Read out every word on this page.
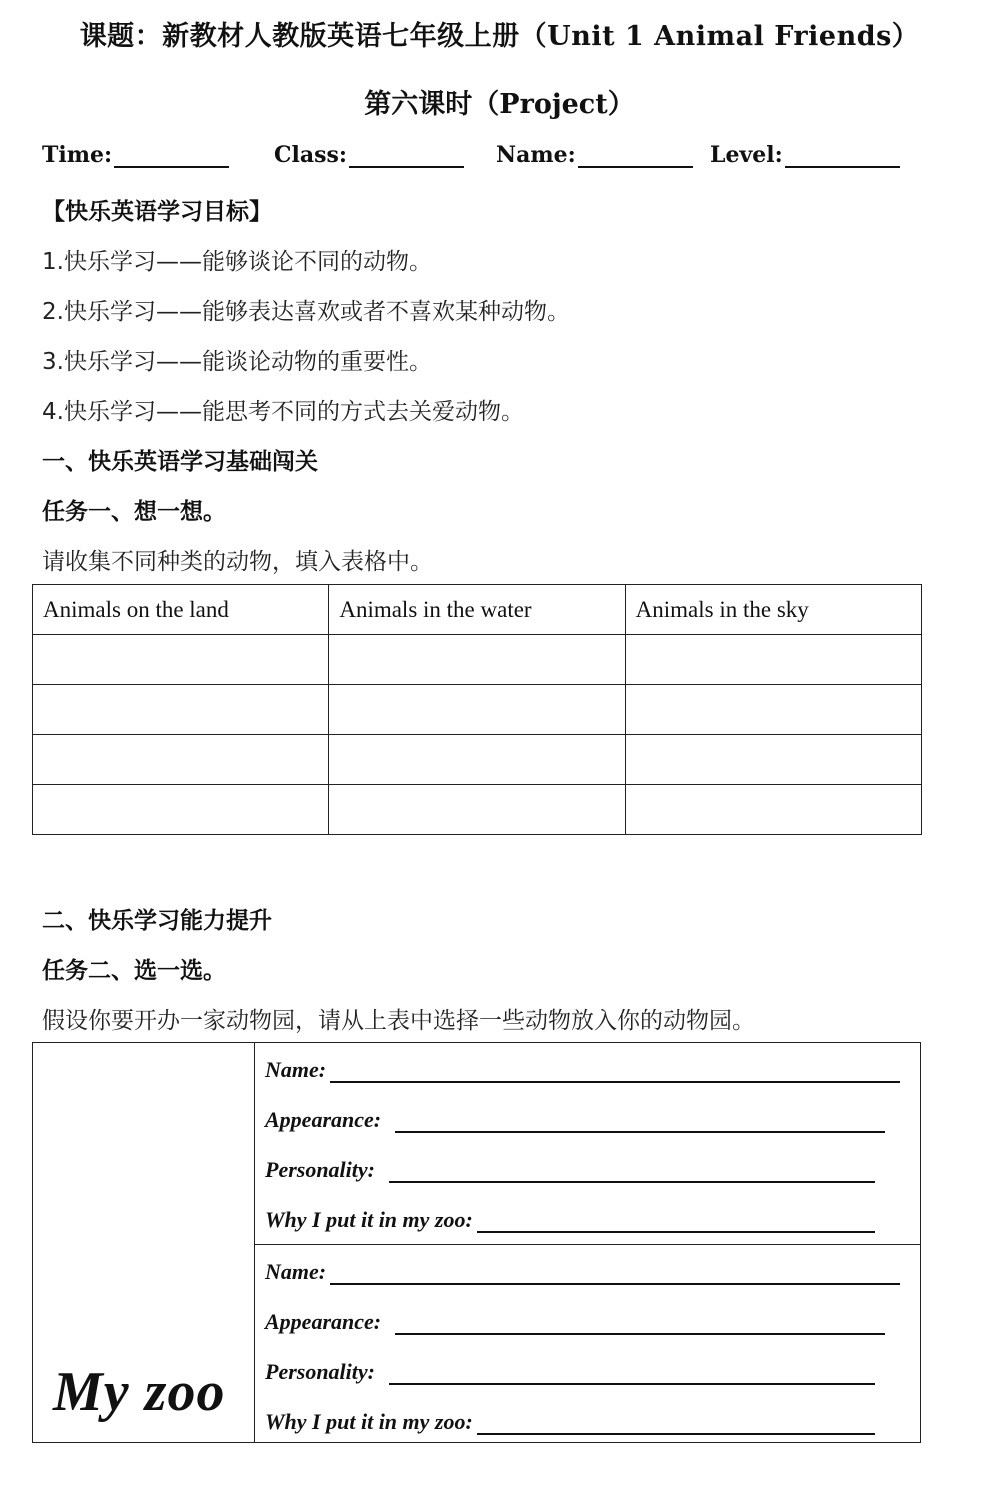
课题：新教材人教版英语七年级上册（Unit 1 Animal Friends）
第六课时（Project）
Time:	Class:	Name:	Level:
【快乐英语学习目标】
1.快乐学习——能够谈论不同的动物。
2.快乐学习——能够表达喜欢或者不喜欢某种动物。
3.快乐学习——能谈论动物的重要性。
4.快乐学习——能思考不同的方式去关爱动物。
一、快乐英语学习基础闯关
任务一、想一想。
请收集不同种类的动物，填入表格中。
Animals on the land	Animals in the water	Animals in the sky

二、快乐学习能力提升
任务二、选一选。
假设你要开办一家动物园，请从上表中选择一些动物放入你的动物园。
My zoo
Name:
Appearance:
Personality:
Why I put it in my zoo:
Name:
Appearance:
Personality:
Why I put it in my zoo:
